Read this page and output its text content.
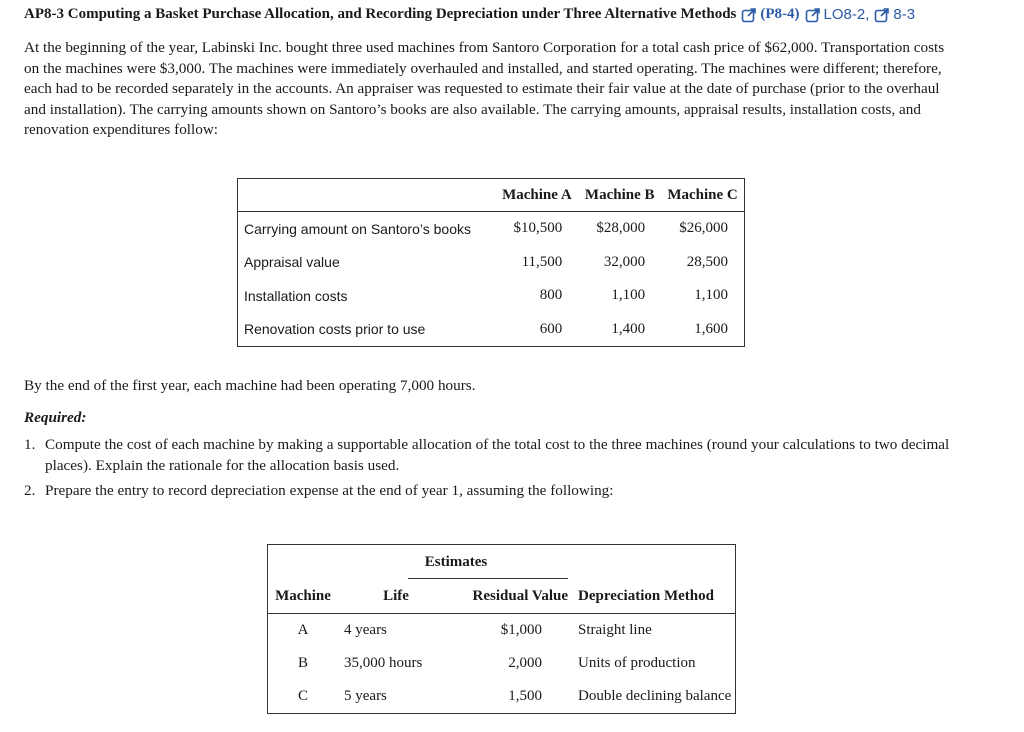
AP8-3
Computing a Basket Purchase Allocation, and Recording Depreciation under Three Alternative Methods (P8-4) LO8-2, 8-3
At the beginning of the year, Labinski Inc. bought three used machines from Santoro Corporation for a total cash price of $62,000. Transportation costs on the machines were $3,000. The machines were immediately overhauled and installed, and started operating. The machines were different; therefore, each had to be recorded separately in the accounts. An appraiser was requested to estimate their fair value at the date of purchase (prior to the overhaul and installation). The carrying amounts shown on Santoro’s books are also available. The carrying amounts, appraisal results, installation costs, and renovation expenditures follow:
	Machine A	Machine B	Machine C
Carrying amount on Santoro’s books	$10,500	$28,000	$26,000
Appraisal value	11,500	32,000	28,500
Installation costs	800	1,100	1,100
Renovation costs prior to use	600	1,400	1,600
By the end of the first year, each machine had been operating 7,000 hours.
Required:
1. Compute the cost of each machine by making a supportable allocation of the total cost to the three machines (round your calculations to two decimal places). Explain the rationale for the allocation basis used.
2. Prepare the entry to record depreciation expense at the end of year 1, assuming the following:
	Estimates	

Machine	Life	Residual Value	Depreciation Method
A	4 years	$1,000	Straight line
B	35,000 hours	2,000	Units of production
C	5 years	1,500	Double declining balance
